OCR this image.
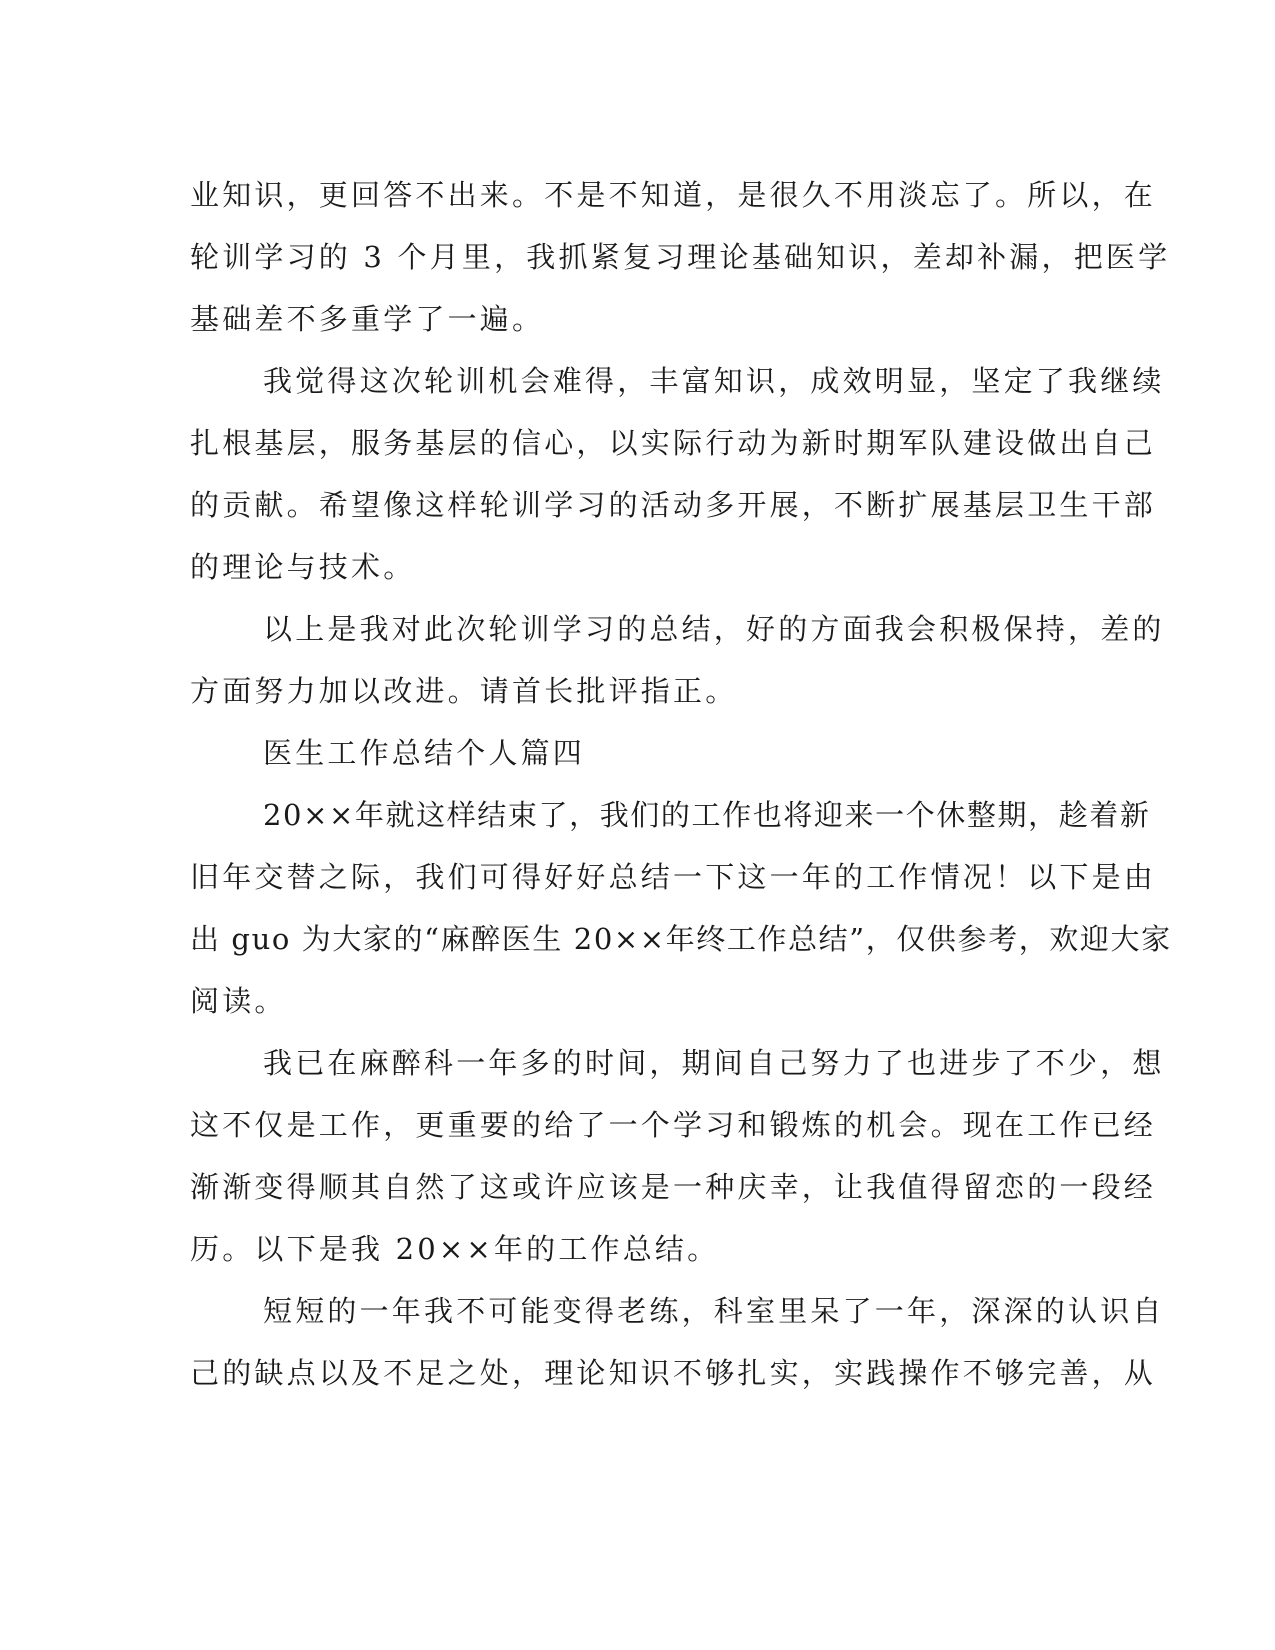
业知识，更回答不出来。不是不知道，是很久不用淡忘了。所以，在
轮训学习的 3 个月里，我抓紧复习理论基础知识，差却补漏，把医学
基础差不多重学了一遍。
我觉得这次轮训机会难得，丰富知识，成效明显，坚定了我继续
扎根基层，服务基层的信心，以实际行动为新时期军队建设做出自己
的贡献。希望像这样轮训学习的活动多开展，不断扩展基层卫生干部
的理论与技术。
以上是我对此次轮训学习的总结，好的方面我会积极保持，差的
方面努力加以改进。请首长批评指正。
医生工作总结个人篇四
20××年就这样结束了，我们的工作也将迎来一个休整期，趁着新
旧年交替之际，我们可得好好总结一下这一年的工作情况！以下是由
出 guo 为大家的“麻醉医生 20××年终工作总结”，仅供参考，欢迎大家
阅读。
我已在麻醉科一年多的时间，期间自己努力了也进步了不少，想
这不仅是工作，更重要的给了一个学习和锻炼的机会。现在工作已经
渐渐变得顺其自然了这或许应该是一种庆幸，让我值得留恋的一段经
历。以下是我 20××年的工作总结。
短短的一年我不可能变得老练，科室里呆了一年，深深的认识自
己的缺点以及不足之处，理论知识不够扎实，实践操作不够完善，从
